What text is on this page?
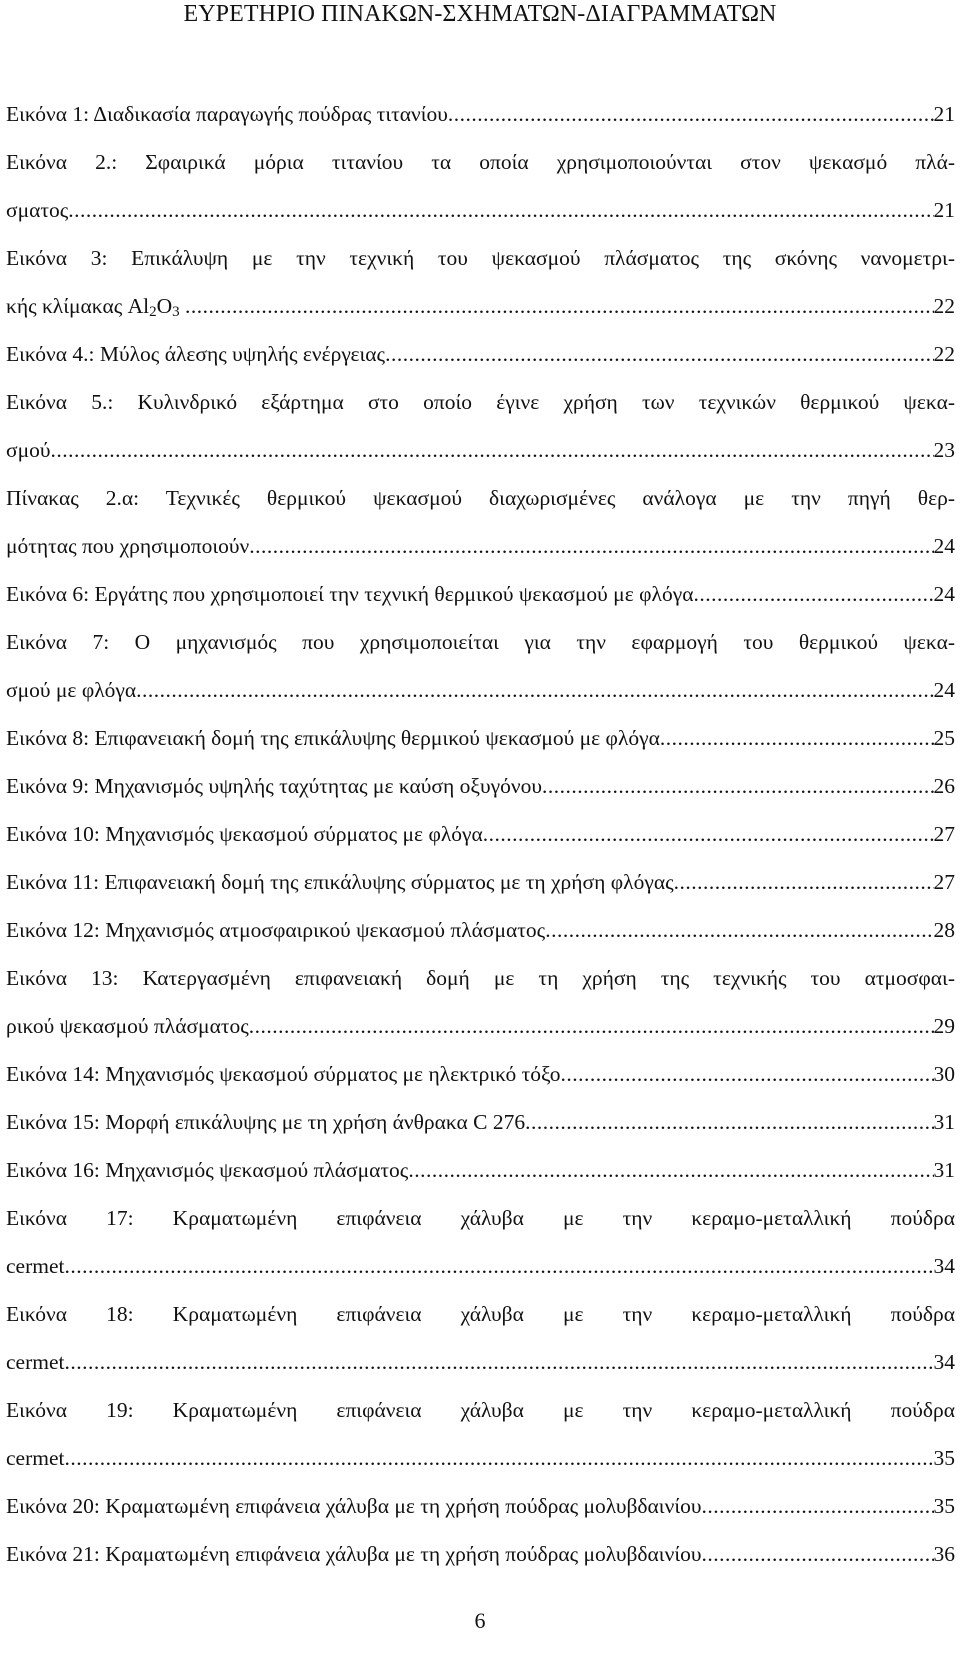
ΕΥΡΕΤΗΡΙΟ ΠΙΝΑΚΩΝ-ΣΧΗΜΑΤΩΝ-ΔΙΑΓΡΑΜΜΑΤΩΝ
Εικόνα 1: Διαδικασία παραγωγής πούδρας τιτανίου .....	21
Εικόνα 2.: Σφαιρικά μόρια τιτανίου τα οποία χρησιμοποιούνται στον ψεκασμό πλά-
σματος .....	21
Εικόνα 3: Επικάλυψη με την τεχνική του ψεκασμού πλάσματος της σκόνης νανομετρι-
κής κλίμακας $Al_2O_3$ .....	22
Εικόνα 4.: Μύλος άλεσης υψηλής ενέργειας .....	22
Εικόνα 5.: Κυλινδρικό εξάρτημα στο οποίο έγινε χρήση των τεχνικών θερμικού ψεκα-
σμού .....	23
Πίνακας 2.α: Τεχνικές θερμικού ψεκασμού διαχωρισμένες ανάλογα με την πηγή θερ-
μότητας που χρησιμοποιούν .....	24
Εικόνα 6: Εργάτης που χρησιμοποιεί την τεχνική θερμικού ψεκασμού με φλόγα .....	24
Εικόνα 7: Ο μηχανισμός που χρησιμοποιείται για την εφαρμογή του θερμικού ψεκα-
σμού με φλόγα .....	24
Εικόνα 8: Επιφανειακή δομή της επικάλυψης θερμικού ψεκασμού με φλόγα .....	25
Εικόνα 9: Μηχανισμός υψηλής ταχύτητας με καύση οξυγόνου .....	26
Εικόνα 10: Μηχανισμός ψεκασμού σύρματος με φλόγα .....	27
Εικόνα 11: Επιφανειακή δομή της επικάλυψης σύρματος με τη χρήση φλόγας .....	27
Εικόνα 12: Μηχανισμός ατμοσφαιρικού ψεκασμού πλάσματος .....	28
Εικόνα 13: Κατεργασμένη επιφανειακή δομή με τη χρήση της τεχνικής του ατμοσφαι-
ρικού ψεκασμού πλάσματος .....	29
Εικόνα 14: Μηχανισμός ψεκασμού σύρματος με ηλεκτρικό τόξο .....	30
Εικόνα 15: Μορφή επικάλυψης με τη χρήση άνθρακα C 276 .....	31
Εικόνα 16: Μηχανισμός ψεκασμού πλάσματος .....	31
Εικόνα 17: Κραματωμένη επιφάνεια χάλυβα με την κεραμο-μεταλλική πούδρα
cermet .....	34
Εικόνα 18: Κραματωμένη επιφάνεια χάλυβα με την κεραμο-μεταλλική πούδρα
cermet .....	34
Εικόνα 19: Κραματωμένη επιφάνεια χάλυβα με την κεραμο-μεταλλική πούδρα
cermet .....	35
Εικόνα 20: Κραματωμένη επιφάνεια χάλυβα με τη χρήση πούδρας μολυβδαινίου .....	35
Εικόνα 21: Κραματωμένη επιφάνεια χάλυβα με τη χρήση πούδρας μολυβδαινίου .....	36
6
